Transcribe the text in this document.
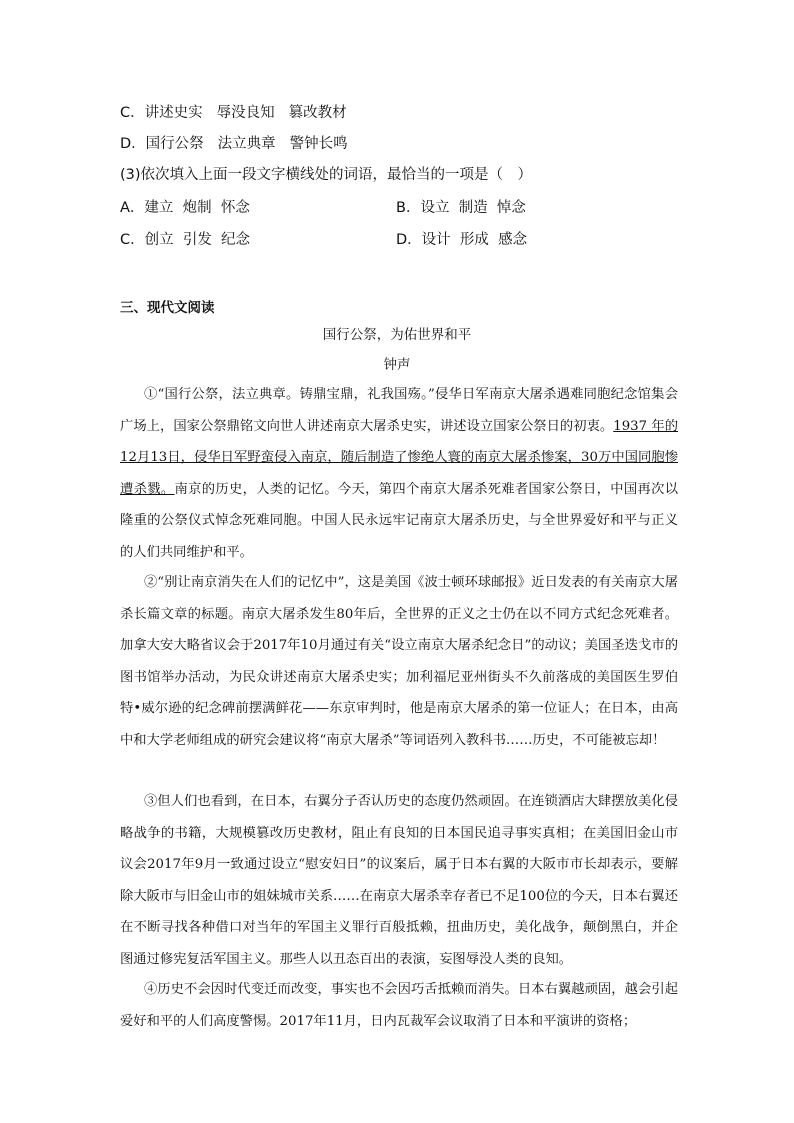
C．讲述史实 辱没良知 篡改教材
D．国行公祭 法立典章 警钟长鸣
(3)依次填入上面一段文字横线处的词语，最恰当的一项是（　）
A．建立  炮制  怀念	B．设立  制造  悼念
C．创立  引发  纪念	D．设计  形成  感念
三、现代文阅读
国行公祭，为佑世界和平
钟声

①“国行公祭，法立典章。铸鼎宝鼎，礼我国殇。”侵华日军南京大屠杀遇难同胞纪念馆集会广场上，国家公祭鼎铭文向世人讲述南京大屠杀史实，讲述设立国家公祭日的初衷。1937 年的12月13日，侵华日军野蛮侵入南京，随后制造了惨绝人寰的南京大屠杀惨案，30万中国同胞惨遭杀戮。南京的历史，人类的记忆。今天，第四个南京大屠杀死难者国家公祭日，中国再次以隆重的公祭仪式悼念死难同胞。中国人民永远牢记南京大屠杀历史，与全世界爱好和平与正义的人们共同维护和平。

②“别让南京消失在人们的记忆中”，这是美国《波士顿环球邮报》近日发表的有关南京大屠杀长篇文章的标题。南京大屠杀发生80年后，全世界的正义之士仍在以不同方式纪念死难者。加拿大安大略省议会于2017年10月通过有关“设立南京大屠杀纪念日”的动议；美国圣迭戈市的图书馆举办活动，为民众讲述南京大屠杀史实；加利福尼亚州街头不久前落成的美国医生罗伯特•威尔逊的纪念碑前摆满鲜花——东京审判时，他是南京大屠杀的第一位证人；在日本，由高中和大学老师组成的研究会建议将“南京大屠杀”等词语列入教科书……历史，不可能被忘却！

③但人们也看到，在日本，右翼分子否认历史的态度仍然顽固。在连锁酒店大肆摆放美化侵略战争的书籍，大规模篡改历史教材，阻止有良知的日本国民追寻事实真相；在美国旧金山市议会2017年9月一致通过设立“慰安妇日”的议案后，属于日本右翼的大阪市市长却表示，要解除大阪市与旧金山市的姐妹城市关系……在南京大屠杀幸存者已不足100位的今天，日本右翼还在不断寻找各种借口对当年的军国主义罪行百般抵赖，扭曲历史，美化战争，颠倒黑白，并企图通过修宪复活军国主义。那些人以丑态百出的表演，妄图辱没人类的良知。

④历史不会因时代变迁而改变，事实也不会因巧舌抵赖而消失。日本右翼越顽固，越会引起爱好和平的人们高度警惕。2017年11月，日内瓦裁军会议取消了日本和平演讲的资格；
